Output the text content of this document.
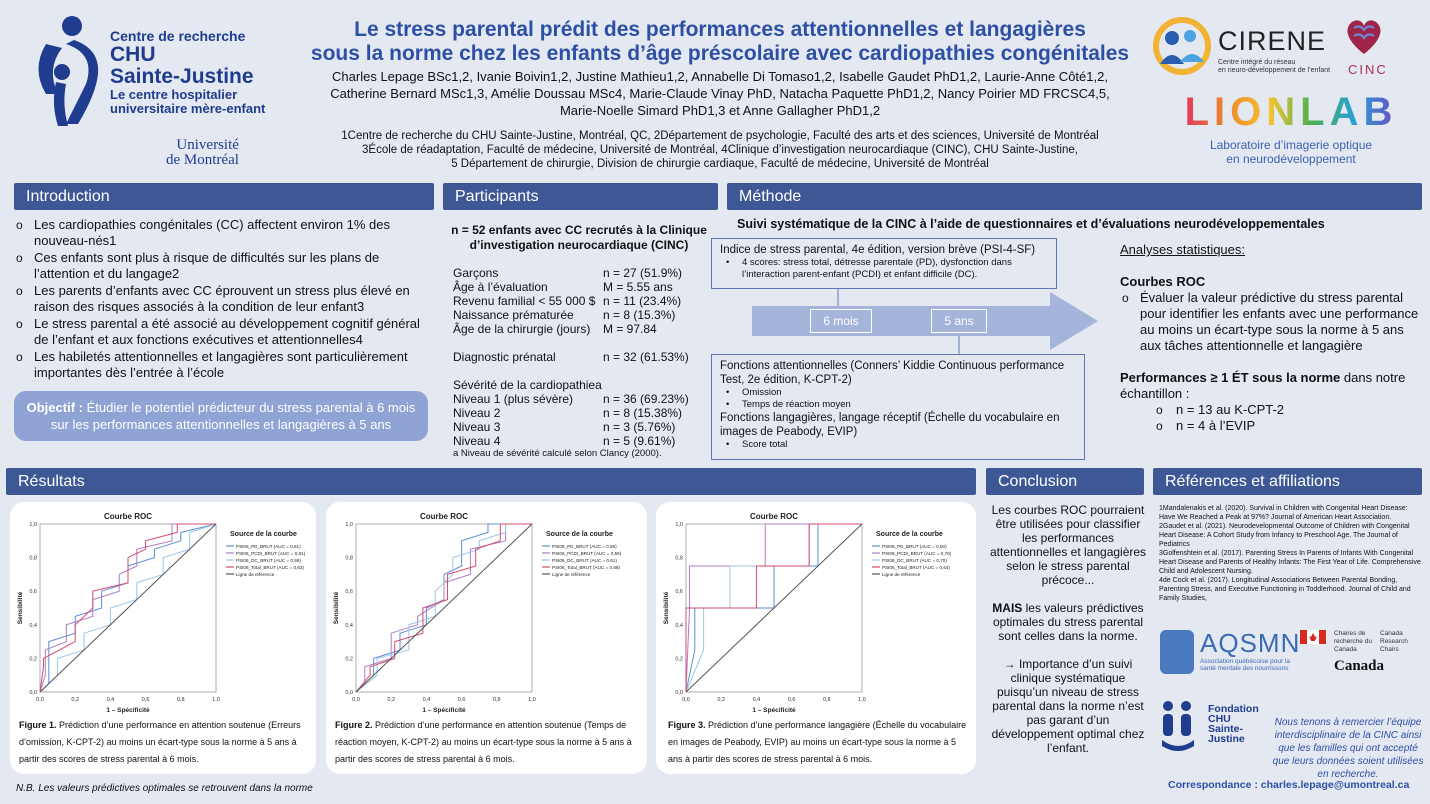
Centre de recherche
CHU
Sainte-Justine
Le centre hospitalier
universitaire mère-enfant
Université
de Montréal
Le stress parental prédit des performances attentionnelles et langagières
sous la norme chez les enfants d’âge préscolaire avec cardiopathies congénitales
Charles Lepage BSc1,2, Ivanie Boivin1,2, Justine Mathieu1,2, Annabelle Di Tomaso1,2, Isabelle Gaudet PhD1,2, Laurie-Anne Côté1,2,
Catherine Bernard MSc1,3, Amélie Doussau MSc4, Marie-Claude Vinay PhD, Natacha Paquette PhD1,2, Nancy Poirier MD FRCSC4,5,
Marie-Noelle Simard PhD1,3 et Anne Gallagher PhD1,2
1Centre de recherche du CHU Sainte-Justine, Montréal, QC, 2Département de psychologie, Faculté des arts et des sciences, Université de Montréal
3École de réadaptation, Faculté de médecine, Université de Montréal, 4Clinique d’investigation neurocardiaque (CINC), CHU Sainte-Justine,
5 Département de chirurgie, Division de chirurgie cardiaque, Faculté de médecine, Université de Montréal
CIRENE
Centre intégré du réseau
en neuro-développement de l’enfant CINC
LIONLAB
Laboratoire d’imagerie optique
en neurodéveloppement
Introduction
o Les cardiopathies congénitales (CC) affectent environ 1% des nouveau-nés1
o Ces enfants sont plus à risque de difficultés sur les plans de l’attention et du langage2
o Les parents d’enfants avec CC éprouvent un stress plus élevé en raison des risques associés à la condition de leur enfant3
o Le stress parental a été associé au développement cognitif général de l’enfant et aux fonctions exécutives et attentionnelles4
o Les habiletés attentionnelles et langagières sont particulièrement importantes dès l’entrée à l’école
Objectif : Étudier le potentiel prédicteur du stress parental à 6 mois sur les performances attentionnelles et langagières à 5 ans
Participants
n = 52 enfants avec CC recrutés à la Clinique d’investigation neurocardiaque (CINC)
Garçons	n = 27 (51.9%)
Âge à l’évaluation	M = 5.55 ans
Revenu familial < 55 000 $ n = 11 (23.4%)
Naissance prématurée	n = 8 (15.3%)
Âge de la chirurgie (jours)	M = 97.84
Diagnostic prénatal	n = 32 (61.53%)
Sévérité de la cardiopathiea
Niveau 1 (plus sévère)	n = 36 (69.23%)
Niveau 2	n = 8 (15.38%)
Niveau 3	n = 3 (5.76%)
Niveau 4	n = 5 (9.61%)
a Niveau de sévérité calculé selon Clancy (2000).
Méthode
Suivi systématique de la CINC à l’aide de questionnaires et d’évaluations neurodéveloppementales
Indice de stress parental, 4e édition, version brève (PSI-4-SF)
• 4 scores: stress total, détresse parentale (PD), dysfonction dans l’interaction parent-enfant (PCDI) et enfant difficile (DC).
6 mois	5 ans
Fonctions attentionnelles (Conners’ Kiddie Continuous performance Test, 2e édition, K-CPT-2)
• Omission
• Temps de réaction moyen
Fonctions langagières, langage réceptif (Échelle du vocabulaire en images de Peabody, EVIP)
• Score total
Analyses statistiques:
Courbes ROC
o Évaluer la valeur prédictive du stress parental pour identifier les enfants avec une performance au moins un écart-type sous la norme à 5 ans aux tâches attentionnelle et langagière
Performances ≥ 1 ÉT sous la norme dans notre échantillon :
o n = 13 au K-CPT-2
o n = 4 à l’EVIP
Résultats
Courbe ROC
0,0
0,0
0,2
0,2
0,4
0,4
0,6
0,6
0,8
0,8
1,0
1,0
1 – Spécificité
Sensibilité
Source de la courbe
PSI06_PD_BRUT (AUC = 0,61)
PSI06_PCDI_BRUT (AUC = 0,61)
PSI06_DC_BRUT (AUC = 0,59)
PSI06_Total_BRUT (AUC = 0,63)
Ligne de référence
Figure 1. Prédiction d’une performance en attention soutenue (Erreurs d’omission, K-CPT-2) au moins un écart-type sous la norme à 5 ans à partir des scores de stress parental à 6 mois.
Courbe ROC
0,0
0,0
0,2
0,2
0,4
0,4
0,6
0,6
0,8
0,8
1,0
1,0
1 – Spécificité
Sensibilité
Source de la courbe
PSI06_PD_BRUT (AUC = 0,59)
PSI06_PCDI_BRUT (AUC = 0,58)
PSI06_DC_BRUT (AUC = 0,61)
PSI06_Total_BRUT (AUC = 0,58)
Ligne de référence
Figure 2. Prédiction d’une performance en attention soutenue (Temps de réaction moyen, K-CPT-2) au moins un écart-type sous la norme à 5 ans à partir des scores de stress parental à 6 mois.
Courbe ROC
0,0
0,0
0,2
0,2
0,4
0,4
0,6
0,6
0,8
0,8
1,0
1,0
1 – Spécificité
Sensibilité
Source de la courbe
PSI06_PD_BRUT (AUC = 0,50)
PSI06_PCDI_BRUT (AUC = 0,70)
PSI06_DC_BRUT (AUC = 0,70)
PSI06_Total_BRUT (AUC = 0,64)
Ligne de référence
Figure 3. Prédiction d’une performance langagière (Échelle du vocabulaire en images de Peabody, EVIP) au moins un écart-type sous la norme à 5 ans à partir des scores de stress parental à 6 mois.
N.B. Les valeurs prédictives optimales se retrouvent dans la norme
Conclusion
Les courbes ROC pourraient être utilisées pour classifier les performances attentionnelles et langagières selon le stress parental précoce...
MAIS les valeurs prédictives optimales du stress parental sont celles dans la norme.
→ Importance d’un suivi clinique systématique puisqu’un niveau de stress parental dans la norme n’est pas garant d’un développement optimal chez l’enfant.
Références et affiliations
1Mandalenakis et al. (2020). Survival in Children with Congenital Heart Disease: Have We Reached a Peak at 97%? Journal of American Heart Association.
2Gaudet et al. (2021). Neurodevelopmental Outcome of Children with Congenital Heart Disease: A Cohort Study from Infancy to Preschool Age. The Journal of Pediatrics
3Golfenshtein et al. (2017). Parenting Stress In Parents of Infants With Congenital Heart Disease and Parents of Healthy Infants: The First Year of Life. Comprehensive Child and Adolescent Nursing.
4de Cock et al. (2017). Longitudinal Associations Between Parental Bonding, Parenting Stress, and Executive Functioning in Toddlerhood. Journal of Child and Family Studies,
AQSMN
Association québécoise pour la
santé mentale des nourrissons
Chaires de recherche du Canada
Canada Research Chairs
Canada
Fondation
CHU
Sainte-
Justine
Nous tenons à remercier l’équipe interdisciplinaire de la CINC ainsi que les familles qui ont accepté que leurs données soient utilisées en recherche.
Correspondance : charles.lepage@umontreal.ca
